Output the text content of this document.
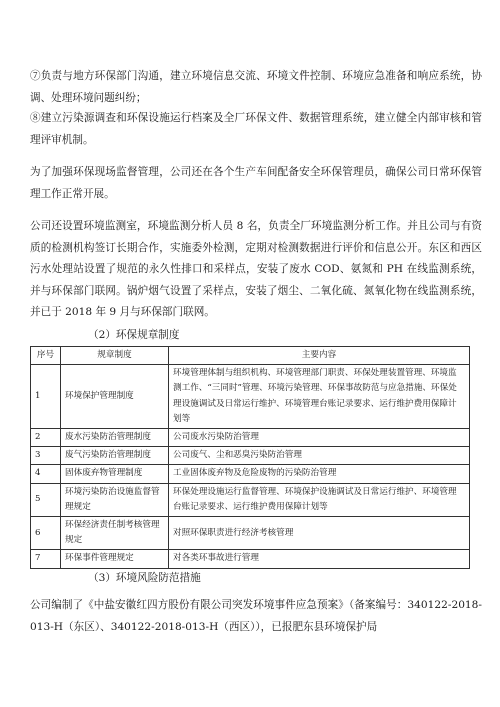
⑦负责与地方环保部门沟通，建立环境信息交流、环境文件控制、环境应急准备和响应系统，协调、处理环境问题纠纷；

⑧建立污染源调查和环保设施运行档案及全厂环保文件、数据管理系统，建立健全内部审核和管理评审机制。

为了加强环保现场监督管理，公司还在各个生产车间配备安全环保管理员，确保公司日常环保管理工作正常开展。

公司还设置环境监测室，环境监测分析人员 8 名，负责全厂环境监测分析工作。并且公司与有资质的检测机构签订长期合作，实施委外检测，定期对检测数据进行评价和信息公开。东区和西区污水处理站设置了规范的永久性排口和采样点，安装了废水 COD、氨氮和 PH 在线监测系统，并与环保部门联网。锅炉烟气设置了采样点，安装了烟尘、二氧化硫、氮氧化物在线监测系统，并已于 2018 年 9 月与环保部门联网。

（2）环保规章制度

序号	规章制度	主要内容
1	环境保护管理制度	环境管理体制与组织机构、环境管理部门职责、环保处理装置管理、环境监测工作、“三同时”管理、环境污染管理、环保事故防范与应急措施、环保处理设施调试及日常运行维护、环境管理台账记录要求、运行维护费用保障计划等
2	废水污染防治管理制度	公司废水污染防治管理
3	废气污染防治管理制度	公司废气、尘和恶臭污染防治管理
4	固体废弃物管理制度	工业固体废弃物及危险废物的污染防治管理
5	环境污染防治设施监督管理规定	环保处理设施运行监督管理、环境保护设施调试及日常运行维护、环境管理台账记录要求、运行维护费用保障计划等
6	环保经济责任制考核管理规定	对照环保职责进行经济考核管理
7	环保事件管理规定	对各类环事故进行管理

（3）环境风险防范措施

公司编制了《中盐安徽红四方股份有限公司突发环境事件应急预案》（备案编号：340122-2018-013-H（东区）、340122-2018-013-H（西区）），已报肥东县环境保护局
